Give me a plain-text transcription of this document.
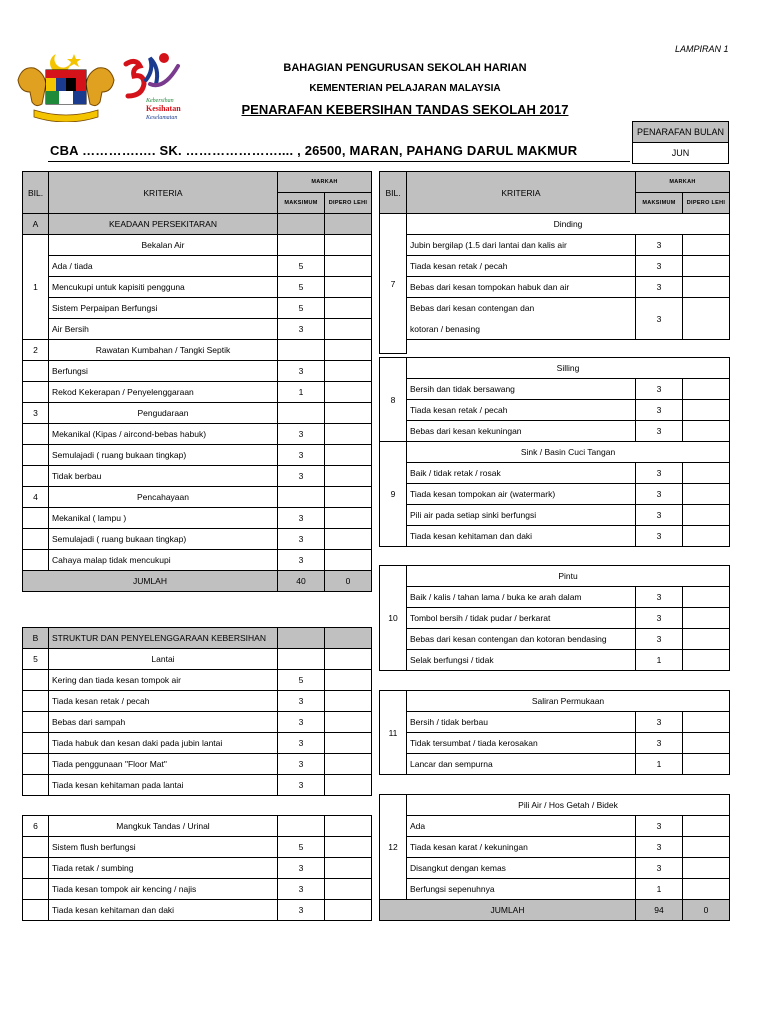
LAMPIRAN 1
Kebersihan
Kesihatan
Keselamatan
BAHAGIAN PENGURUSAN SEKOLAH HARIAN
KEMENTERIAN PELAJARAN MALAYSIA
PENARAFAN KEBERSIHAN TANDAS SEKOLAH 2017
PENARAFAN BULAN
JUN
CBA ………….…. SK. ………………….... , 26500, MARAN, PAHANG DARUL MAKMUR
BIL.	KRITERIA	MARKAH	
		MAKSIMUM	DIPERO LEHI
A	KEADAAN PERSEKITARAN		
1	Bekalan Air		
	Ada / tiada	5	
	Mencukupi untuk kapisiti pengguna	5	
	Sistem Perpaipan Berfungsi	5	
	Air Bersih	3	
2	Rawatan Kumbahan / Tangki Septik		
	Berfungsi	3	
	Rekod Kekerapan / Penyelenggaraan	1	
3	Pengudaraan		
	Mekanikal (Kipas / aircond-bebas habuk)	3	
	Semulajadi ( ruang bukaan tingkap)	3	
	Tidak berbau	3	
4	Pencahayaan		
	Mekanikal ( lampu )	3	
	Semulajadi ( ruang bukaan tingkap)	3	
	Cahaya malap tidak mencukupi	3	
JUMLAH		40	0
B	STRUKTUR DAN PENYELENGGARAAN KEBERSIHAN		
5	Lantai		
	Kering dan tiada kesan tompok air	5	
	Tiada kesan retak / pecah	3	
	Bebas dari sampah	3	
	Tiada habuk dan kesan daki pada jubin lantai	3	
	Tiada penggunaan "Floor Mat"	3	
	Tiada kesan kehitaman pada lantai	3	
6	Mangkuk Tandas / Urinal		
	Sistem flush berfungsi	5	
	Tiada retak / sumbing	3	
	Tiada kesan tompok air kencing / najis	3	
	Tiada kesan kehitaman dan daki	3	
BIL.	KRITERIA	MARKAH	
		MAKSIMUM	DIPERO LEHI
7	Dinding		
	Jubin bergilap (1.5 dari lantai dan kalis air	3	
	Tiada kesan retak / pecah	3	
	Bebas dari kesan tompokan habuk dan air	3	
	Bebas dari kesan contengan dan	3	
	kotoran / benasing		

8	Silling		
	Bersih dan tidak bersawang	3	
	Tiada kesan retak / pecah	3	
	Bebas dari kesan kekuningan	3	
9	Sink / Basin Cuci Tangan		
	Baik / tidak retak / rosak	3	
	Tiada kesan tompokan air (watermark)	3	
	Pili air pada setiap sinki berfungsi	3	
	Tiada kesan kehitaman dan daki	3	
10	Pintu		
	Baik / kalis / tahan lama / buka ke arah dalam	3	
	Tombol bersih / tidak pudar / berkarat	3	
	Bebas dari kesan contengan dan kotoran bendasing	3	
	Selak berfungsi / tidak	1	
11	Saliran Permukaan		
	Bersih / tidak berbau	3	
	Tidak tersumbat / tiada kerosakan	3	
	Lancar dan sempurna	1	
12	Pili Air / Hos Getah / Bidek		
	Ada	3	
	Tiada kesan karat / kekuningan	3	
	Disangkut dengan kemas	3	
	Berfungsi sepenuhnya	1	
JUMLAH		94	0
